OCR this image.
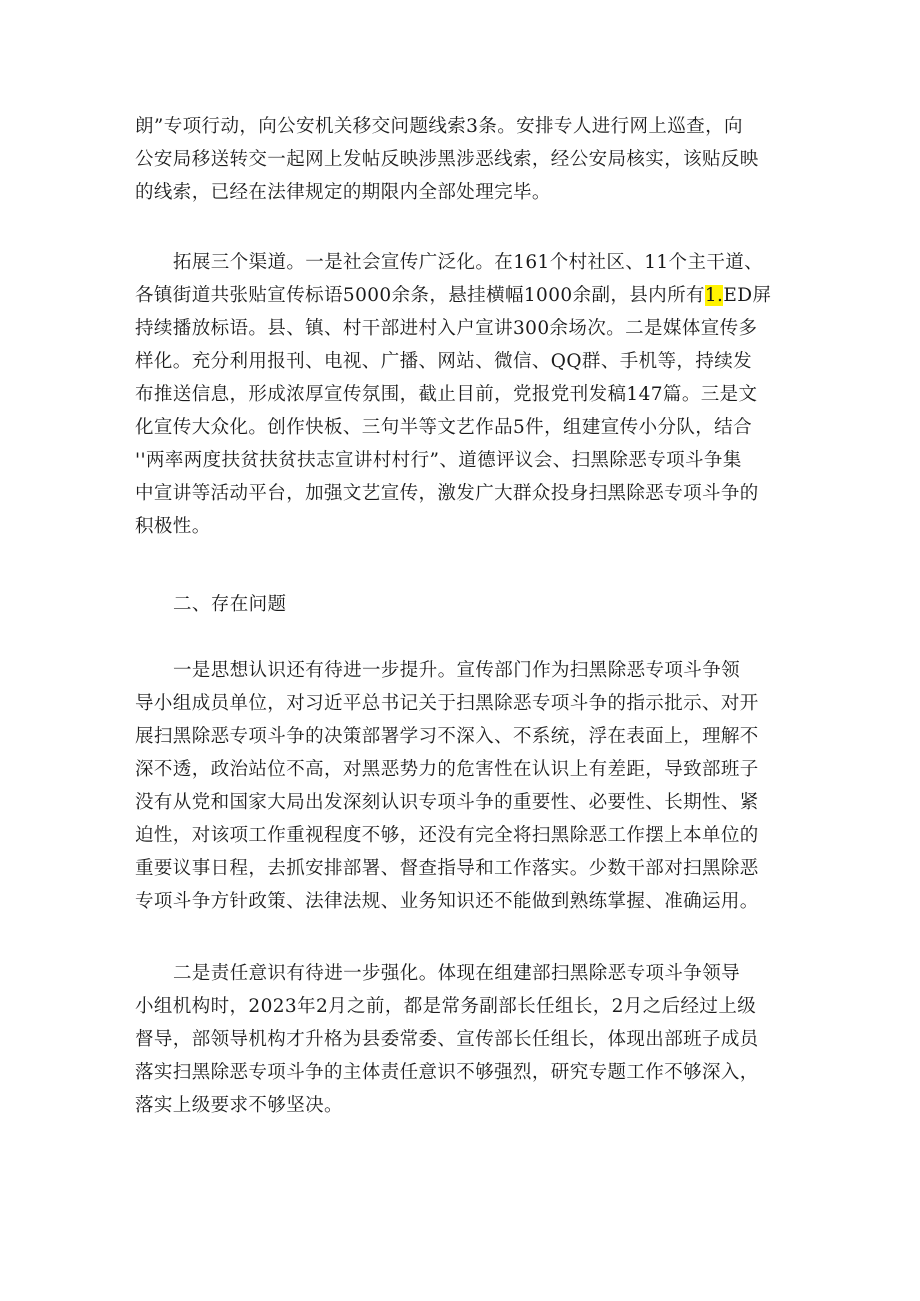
朗”专项行动，向公安机关移交问题线索3条。安排专人进行网上巡查，向
公安局移送转交一起网上发帖反映涉黑涉恶线索，经公安局核实，该贴反映
的线索，已经在法律规定的期限内全部处理完毕。

拓展三个渠道。一是社会宣传广泛化。在161个村社区、11个主干道、
各镇街道共张贴宣传标语5000余条，悬挂横幅1000余副，县内所有1.ED屏
持续播放标语。县、镇、村干部进村入户宣讲300余场次。二是媒体宣传多
样化。充分利用报刊、电视、广播、网站、微信、QQ群、手机等，持续发
布推送信息，形成浓厚宣传氛围，截止目前，党报党刊发稿147篇。三是文
化宣传大众化。创作快板、三句半等文艺作品5件，组建宣传小分队，结合
''两率两度扶贫扶贫扶志宣讲村村行”、道德评议会、扫黑除恶专项斗争集
中宣讲等活动平台，加强文艺宣传，激发广大群众投身扫黑除恶专项斗争的
积极性。

二、存在问题

一是思想认识还有待进一步提升。宣传部门作为扫黑除恶专项斗争领
导小组成员单位，对习近平总书记关于扫黑除恶专项斗争的指示批示、对开
展扫黑除恶专项斗争的决策部署学习不深入、不系统，浮在表面上，理解不
深不透，政治站位不高，对黑恶势力的危害性在认识上有差距，导致部班子
没有从党和国家大局出发深刻认识专项斗争的重要性、必要性、长期性、紧
迫性，对该项工作重视程度不够，还没有完全将扫黑除恶工作摆上本单位的
重要议事日程，去抓安排部署、督查指导和工作落实。少数干部对扫黑除恶
专项斗争方针政策、法律法规、业务知识还不能做到熟练掌握、准确运用。

二是责任意识有待进一步强化。体现在组建部扫黑除恶专项斗争领导
小组机构时，2023年2月之前，都是常务副部长任组长，2月之后经过上级
督导，部领导机构才升格为县委常委、宣传部长任组长，体现出部班子成员
落实扫黑除恶专项斗争的主体责任意识不够强烈，研究专题工作不够深入，
落实上级要求不够坚决。
